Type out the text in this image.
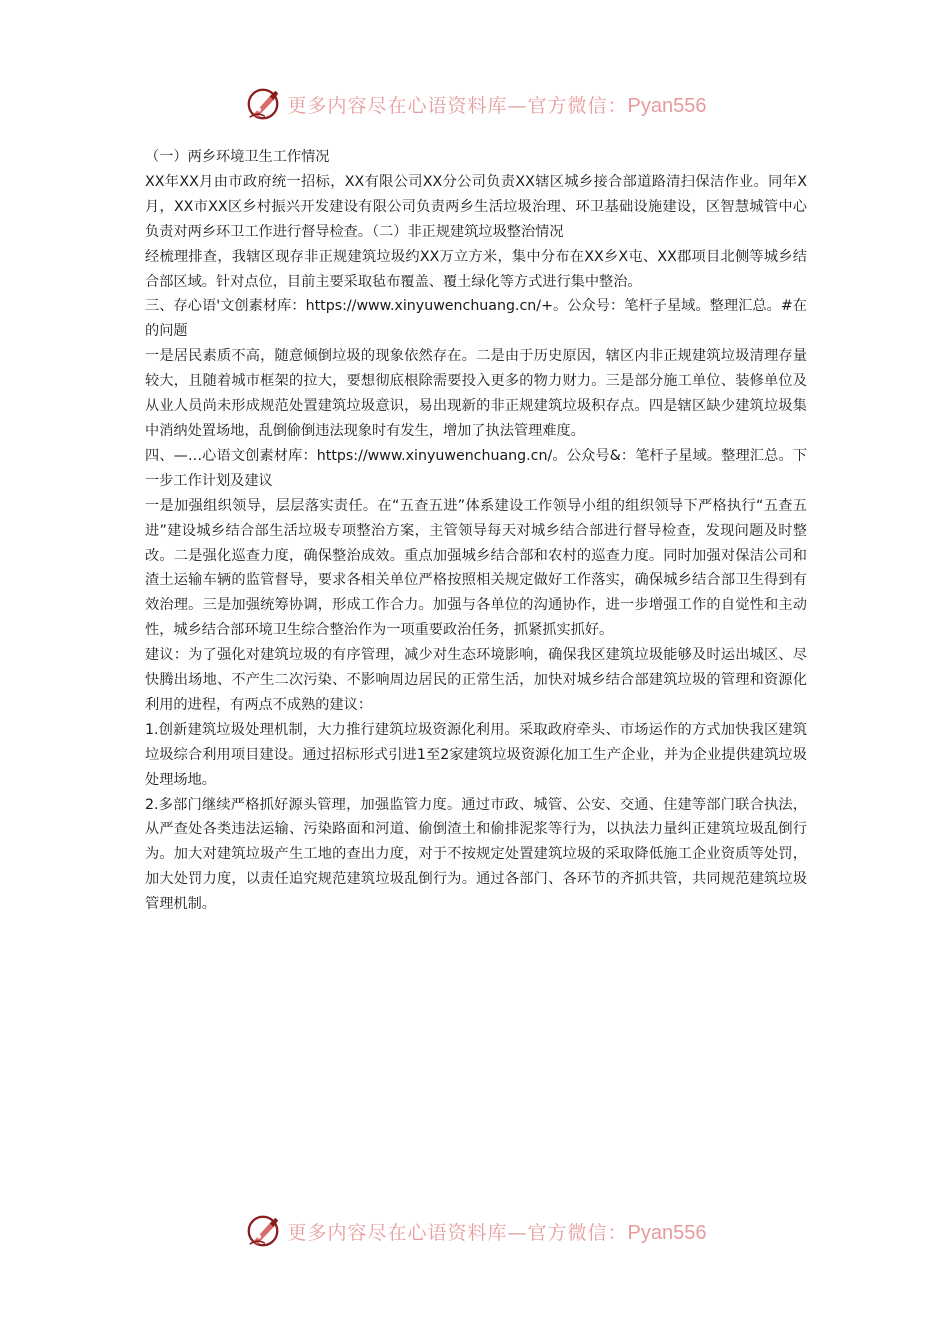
更多内容尽在心语资料库—官方微信：Pyan556

（一）两乡环境卫生工作情况

XX年XX月由市政府统一招标，XX有限公司XX分公司负责XX辖区城乡接合部道路清扫保洁作业。同年X月，XX市XX区乡村振兴开发建设有限公司负责两乡生活垃圾治理、环卫基础设施建设，区智慧城管中心负责对两乡环卫工作进行督导检查。（二）非正规建筑垃圾整治情况

经梳理排查，我辖区现存非正规建筑垃圾约XX万立方米，集中分布在XX乡X屯、XX郡项目北侧等城乡结合部区域。针对点位，目前主要采取毡布覆盖、覆土绿化等方式进行集中整治。

三、存心语'文创素材库：https://www.xinyuwenchuang.cn/+。公众号：笔杆子星域。整理汇总。#在的问题

一是居民素质不高，随意倾倒垃圾的现象依然存在。二是由于历史原因，辖区内非正规建筑垃圾清理存量较大，且随着城市框架的拉大，要想彻底根除需要投入更多的物力财力。三是部分施工单位、装修单位及从业人员尚未形成规范处置建筑垃圾意识，易出现新的非正规建筑垃圾积存点。四是辖区缺少建筑垃圾集中消纳处置场地，乱倒偷倒违法现象时有发生，增加了执法管理难度。

四、—…心语文创素材库：https://www.xinyuwenchuang.cn/。公众号&：笔杆子星域。整理汇总。下一步工作计划及建议

一是加强组织领导，层层落实责任。在“五查五进”体系建设工作领导小组的组织领导下严格执行“五查五进”建设城乡结合部生活垃圾专项整治方案，主管领导每天对城乡结合部进行督导检查，发现问题及时整改。二是强化巡查力度，确保整治成效。重点加强城乡结合部和农村的巡查力度。同时加强对保洁公司和渣土运输车辆的监管督导，要求各相关单位严格按照相关规定做好工作落实，确保城乡结合部卫生得到有效治理。三是加强统筹协调，形成工作合力。加强与各单位的沟通协作，进一步增强工作的自觉性和主动性，城乡结合部环境卫生综合整治作为一项重要政治任务，抓紧抓实抓好。

建议：为了强化对建筑垃圾的有序管理，减少对生态环境影响，确保我区建筑垃圾能够及时运出城区、尽快腾出场地、不产生二次污染、不影响周边居民的正常生活，加快对城乡结合部建筑垃圾的管理和资源化利用的进程，有两点不成熟的建议：

1.创新建筑垃圾处理机制，大力推行建筑垃圾资源化利用。采取政府牵头、市场运作的方式加快我区建筑垃圾综合利用项目建设。通过招标形式引进1至2家建筑垃圾资源化加工生产企业，并为企业提供建筑垃圾处理场地。

2.多部门继续严格抓好源头管理，加强监管力度。通过市政、城管、公安、交通、住建等部门联合执法，从严查处各类违法运输、污染路面和河道、偷倒渣土和偷排泥浆等行为，以执法力量纠正建筑垃圾乱倒行为。加大对建筑垃圾产生工地的查出力度，对于不按规定处置建筑垃圾的采取降低施工企业资质等处罚，加大处罚力度，以责任追究规范建筑垃圾乱倒行为。通过各部门、各环节的齐抓共管，共同规范建筑垃圾管理机制。

更多内容尽在心语资料库—官方微信：Pyan556
